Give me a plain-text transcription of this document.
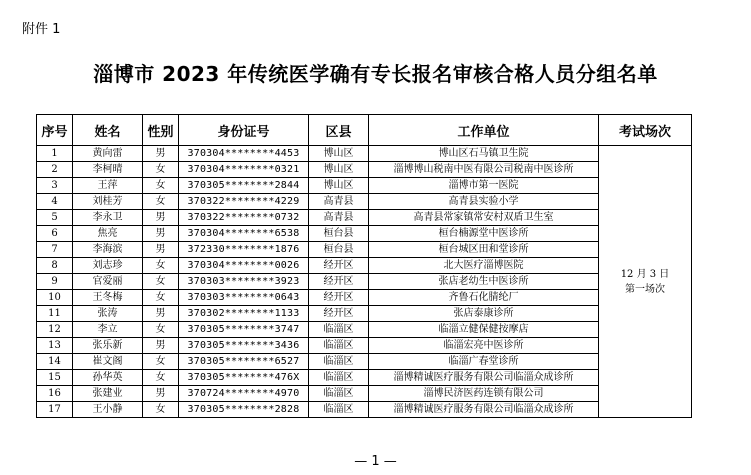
附件 1
淄博市 2023 年传统医学确有专长报名审核合格人员分组名单
序号	姓名	性别	身份证号	区县	工作单位	考试场次
1	黄向雷	男	370304********4453	博山区	博山区石马镇卫生院	12 月 3 日
第一场次

2	李柯晴	女	370304********0321	博山区	淄博博山税南中医有限公司税南中医诊所	
3	王萍	女	370305********2844	博山区	淄博市第一医院	
4	刘桂芳	女	370322********4229	高青县	高青县实验小学	
5	李永卫	男	370322********0732	高青县	高青县常家镇常安村双盾卫生室	
6	焦亮	男	370304********6538	桓台县	桓台楠源堂中医诊所	
7	李海滨	男	372330********1876	桓台县	桓台城区田和堂诊所	
8	刘志珍	女	370304********0026	经开区	北大医疗淄博医院	
9	官爱丽	女	370303********3923	经开区	张店老幼生中医诊所	
10	王冬梅	女	370303********0643	经开区	齐鲁石化腈纶厂	
11	张涛	男	370302********1133	经开区	张店泰康诊所	
12	李立	女	370305********3747	临淄区	临淄立健保健按摩店	
13	张乐新	男	370305********3436	临淄区	临淄宏亮中医诊所	
14	崔文阁	女	370305********6527	临淄区	临淄广春堂诊所	
15	孙华英	女	370305********476X	临淄区	淄博精诚医疗服务有限公司临淄众成诊所	
16	张建业	男	370724********4970	临淄区	淄博民济医药连锁有限公司	
17	王小静	女	370305********2828	临淄区	淄博精诚医疗服务有限公司临淄众成诊所	
— 1 —
